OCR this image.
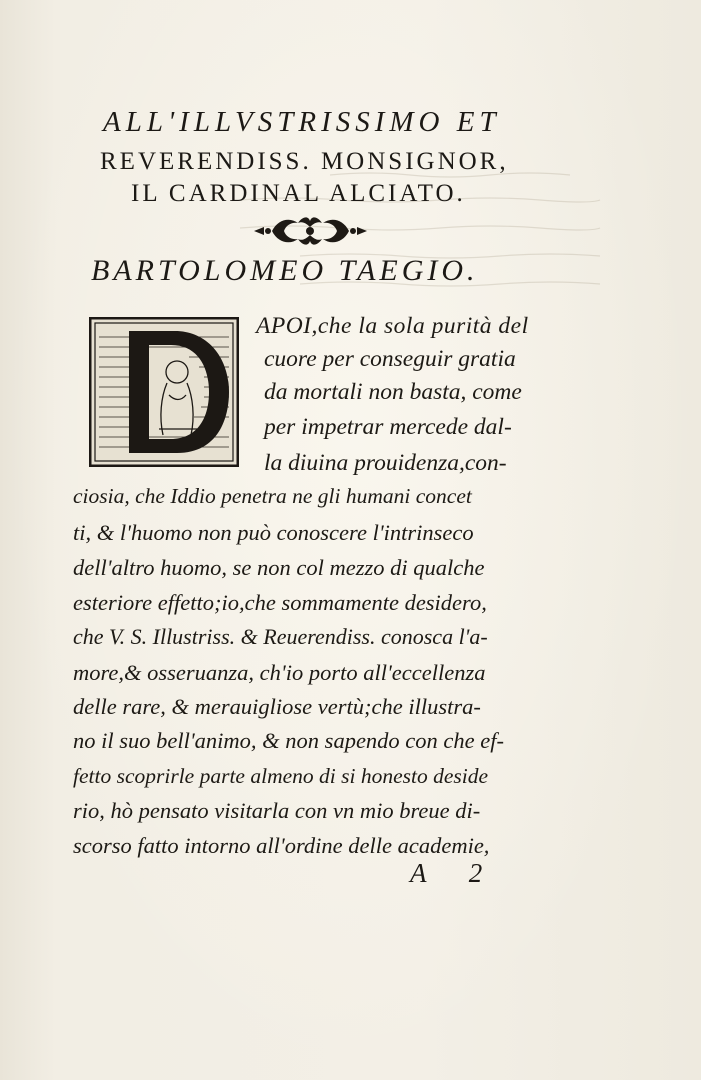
ALL'ILLVSTRISSIMO ET
REVERENDISS. MONSIGNOR,
IL CARDINAL ALCIATO.
BARTOLOMEO TAEGIO.
APOI,che la sola purità del
cuore per conseguir gratia
da mortali non basta, come
per impetrar mercede dal-
la diuina prouidenza,con-
ciosia, che Iddio penetra ne gli humani concet
ti, & l'huomo non può conoscere l'intrinseco
dell'altro huomo, se non col mezzo di qualche
esteriore effetto;io,che sommamente desidero,
che V. S. Illustriss. & Reuerendiss. conosca l'a-
more,& osseruanza, ch'io porto all'eccellenza
delle rare, & merauigliose vertù;che illustra-
no il suo bell'animo, & non sapendo con che ef-
fetto scoprirle parte almeno di si honesto deside
rio, hò pensato visitarla con vn mio breue di-
scorso fatto intorno all'ordine delle academie,
A 2
